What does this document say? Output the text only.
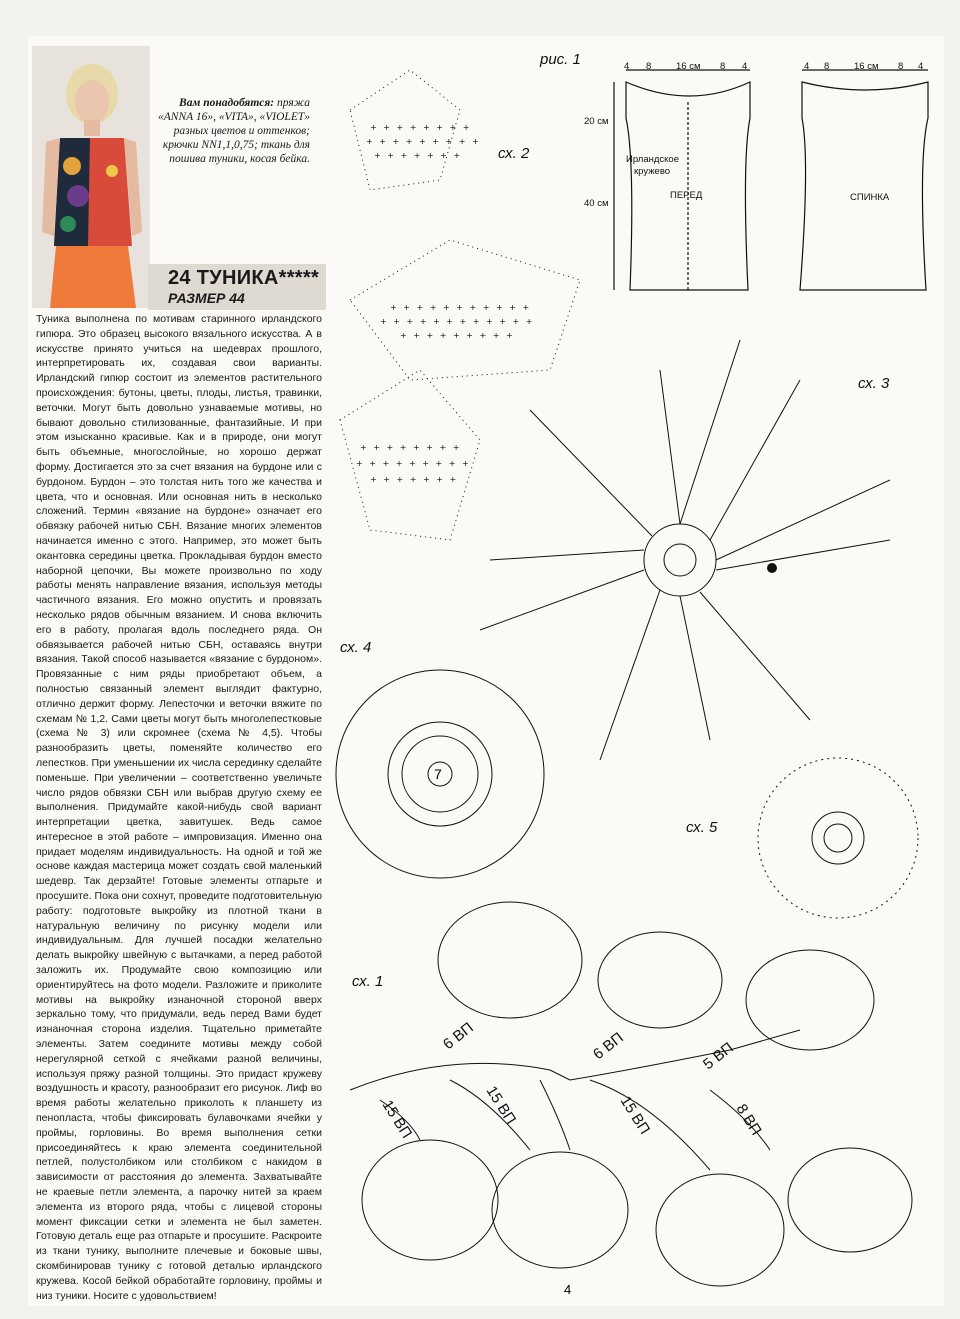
Вам понадобятся: пряжа «ANNA 16», «VITA», «VIOLET» разных цветов и оттенков; крючки NN1,1,0,75; ткань для пошива туники, косая бейка.
24 ТУНИКА*****
РАЗМЕР 44
Туника выполнена по мотивам старинного ирландского гипюра. Это образец высокого вязального искусства. А в искусстве принято учиться на шедеврах прошлого, интерпретировать их, создавая свои варианты. Ирландский гипюр состоит из элементов растительного происхождения: бутоны, цветы, плоды, листья, травинки, веточки. Могут быть довольно узнаваемые мотивы, но бывают довольно стилизованные, фантазийные. И при этом изысканно красивые. Как и в природе, они могут быть объемные, многослойные, но хорошо держат форму. Достигается это за счет вязания на бурдоне или с бурдоном. Бурдон – это толстая нить того же качества и цвета, что и основная. Или основная нить в несколько сложений. Термин «вязание на бурдоне» означает его обвязку рабочей нитью СБН. Вязание многих элементов начинается именно с этого. Например, это может быть окантовка середины цветка. Прокладывая бурдон вместо наборной цепочки, Вы можете произвольно по ходу работы менять направление вязания, используя методы частичного вязания. Его можно опустить и провязать несколько рядов обычным вязанием. И снова включить его в работу, пролагая вдоль последнего ряда. Он обвязывается рабочей нитью СБН, оставаясь внутри вязания. Такой способ называется «вязание с бурдоном». Провязанные с ним ряды приобретают объем, а полностью связанный элемент выглядит фактурно, отлично держит форму. Лепесточки и веточки вяжите по схемам № 1,2. Сами цветы могут быть многолепестковые (схема № 3) или скромнее (схема № 4,5). Чтобы разнообразить цветы, поменяйте количество его лепестков. При уменьшении их числа серединку сделайте поменьше. При увеличении – соответственно увеличьте число рядов обвязки СБН или выбрав другую схему ее выполнения. Придумайте какой-нибудь свой вариант интерпретации цветка, завитушек. Ведь самое интересное в этой работе – импровизация. Именно она придает моделям индивидуальность. На одной и той же основе каждая мастерица может создать свой маленький шедевр. Так дерзайте! Готовые элементы отпарьте и просушите. Пока они сохнут, проведите подготовительную работу: подготовьте выкройку из плотной ткани в натуральную величину по рисунку модели или индивидуальным. Для лучшей посадки желательно делать выкройку швейную с вытачками, а перед работой заложить их. Продумайте свою композицию или ориентируйтесь на фото модели. Разложите и приколите мотивы на выкройку изнаночной стороной вверх зеркально тому, что придумали, ведь перед Вами будет изнаночная сторона изделия. Тщательно приметайте элементы. Затем соедините мотивы между собой нерегулярной сеткой с ячейками разной величины, используя пряжу разной толщины. Это придаст кружеву воздушность и красоту, разнообразит его рисунок. Лиф во время работы желательно приколоть к планшету из пенопласта, чтобы фиксировать булавочками ячейки у проймы, горловины. Во время выполнения сетки присоединяйтесь к краю элемента соединительной петлей, полустолбиком или столбиком с накидом в зависимости от расстояния до элемента. Захватывайте не краевые петли элемента, а парочку нитей за краем элемента из второго ряда, чтобы с лицевой стороны момент фиксации сетки и элемента не был заметен. Готовую деталь еще раз отпарьте и просушите. Раскроите из ткани тунику, выполните плечевые и боковые швы, скомбинировав тунику с готовой деталью ирландского кружева. Косой бейкой обработайте горловину, проймы и низ туники. Носите с удовольствием!
рис. 1	4 8	16 см 8 4	4 8	16 см 8 4
20 см
40 см
Ирландское
кружево
ПЕРЕД	СПИНКА
+ + + + + + + +
+ + + + + + + + +
+ + + + + + +
+ + + + + + + + + + +
+ + + + + + + + + + + +
+ + + + + + + + +
+ + + + + + + +
+ + + + + + + + +
+ + + + + + +
сх. 2
сх. 3
сх. 4
7
сх. 5
сх. 1
6 ВП	6 ВП	5 ВП
15 ВП	15 ВП	15 ВП	8 ВП
4
